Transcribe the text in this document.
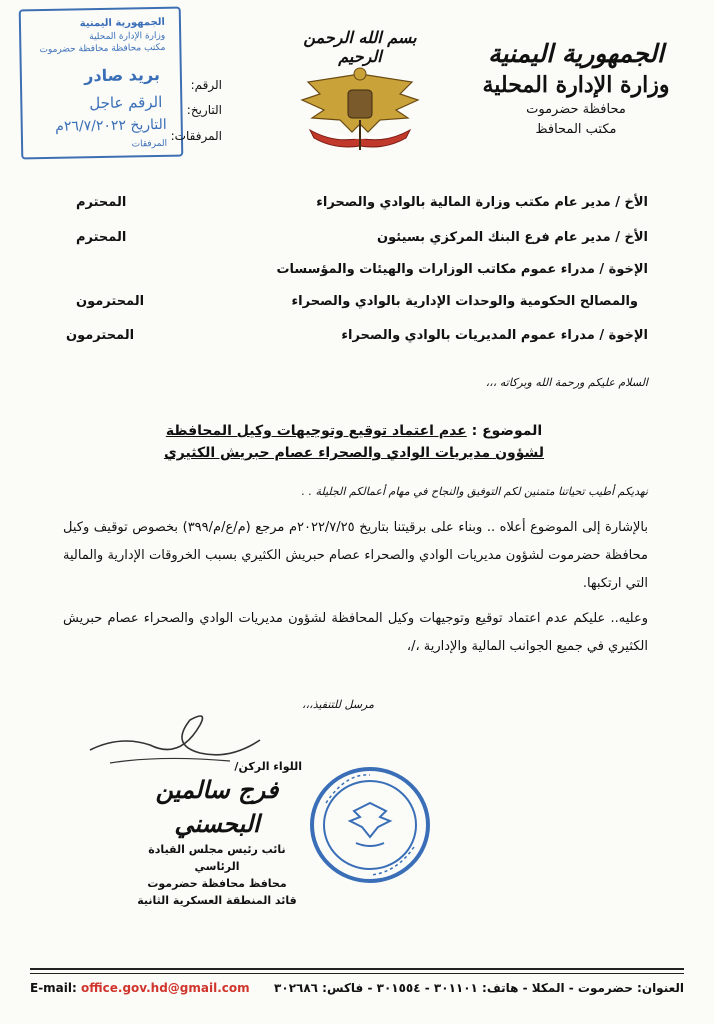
الجمهورية اليمنية
وزارة الإدارة المحلية
محافظة حضرموت
مكتب المحافظ
بسم الله الرحمن الرحيم
الجمهورية اليمنية
وزارة الإدارة المحلية
مكتب محافظة محافظة حضرموت
بريد صادر
الرقم عاجل
التاريخ ٢٦/٧/٢٠٢٢م
المرفقات
الرقم:
التاريخ:
المرفقات:
الأخ / مدير عام مكتب وزارة المالية بالوادي والصحراء
المحترم
الأخ / مدير عام فرع البنك المركزي بسيئون
المحترم
الإخوة / مدراء عموم مكاتب الوزارات والهيئات والمؤسسات
والمصالح الحكومية والوحدات الإدارية بالوادي والصحراء
المحترمون
الإخوة / مدراء عموم المديريات بالوادي والصحراء
المحترمون
السلام عليكم ورحمة الله وبركاته ،،،
الموضوع : عدم اعتماد توقيع وتوجيهات وكيل المحافظة
لشؤون مديريات الوادي والصحراء عصام حبريش الكثيري
نهديكم أطيب تحياتنا متمنين لكم التوفيق والنجاح في مهام أعمالكم الجليلة . .

بالإشارة إلى الموضوع أعلاه .. وبناء على برقيتنا بتاريخ ٢٠٢٢/٧/٢٥م مرجع (م/ع/م/٣٩٩) بخصوص توقيف وكيل محافظة حضرموت لشؤون مديريات الوادي والصحراء عصام حبريش الكثيري بسبب الخروقات الإدارية والمالية التي ارتكبها.

وعليه.. عليكم عدم اعتماد توقيع وتوجيهات وكيل المحافظة لشؤون مديريات الوادي والصحراء عصام حبريش الكثيري في جميع الجوانب المالية والإدارية ،/،

مرسل للتنفيذ،،،
اللواء الركن/
فرج سالمين البحسني
نائب رئيس مجلس القيادة الرئاسي
محافظ محافظة حضرموت
قائد المنطقة العسكرية الثانية
E-mail: office.gov.hd@gmail.com العنوان: حضرموت - المكلا - هاتف: ٣٠١١٠١ - ٣٠١٥٥٤ - فاكس: ٣٠٢٦٨٦
